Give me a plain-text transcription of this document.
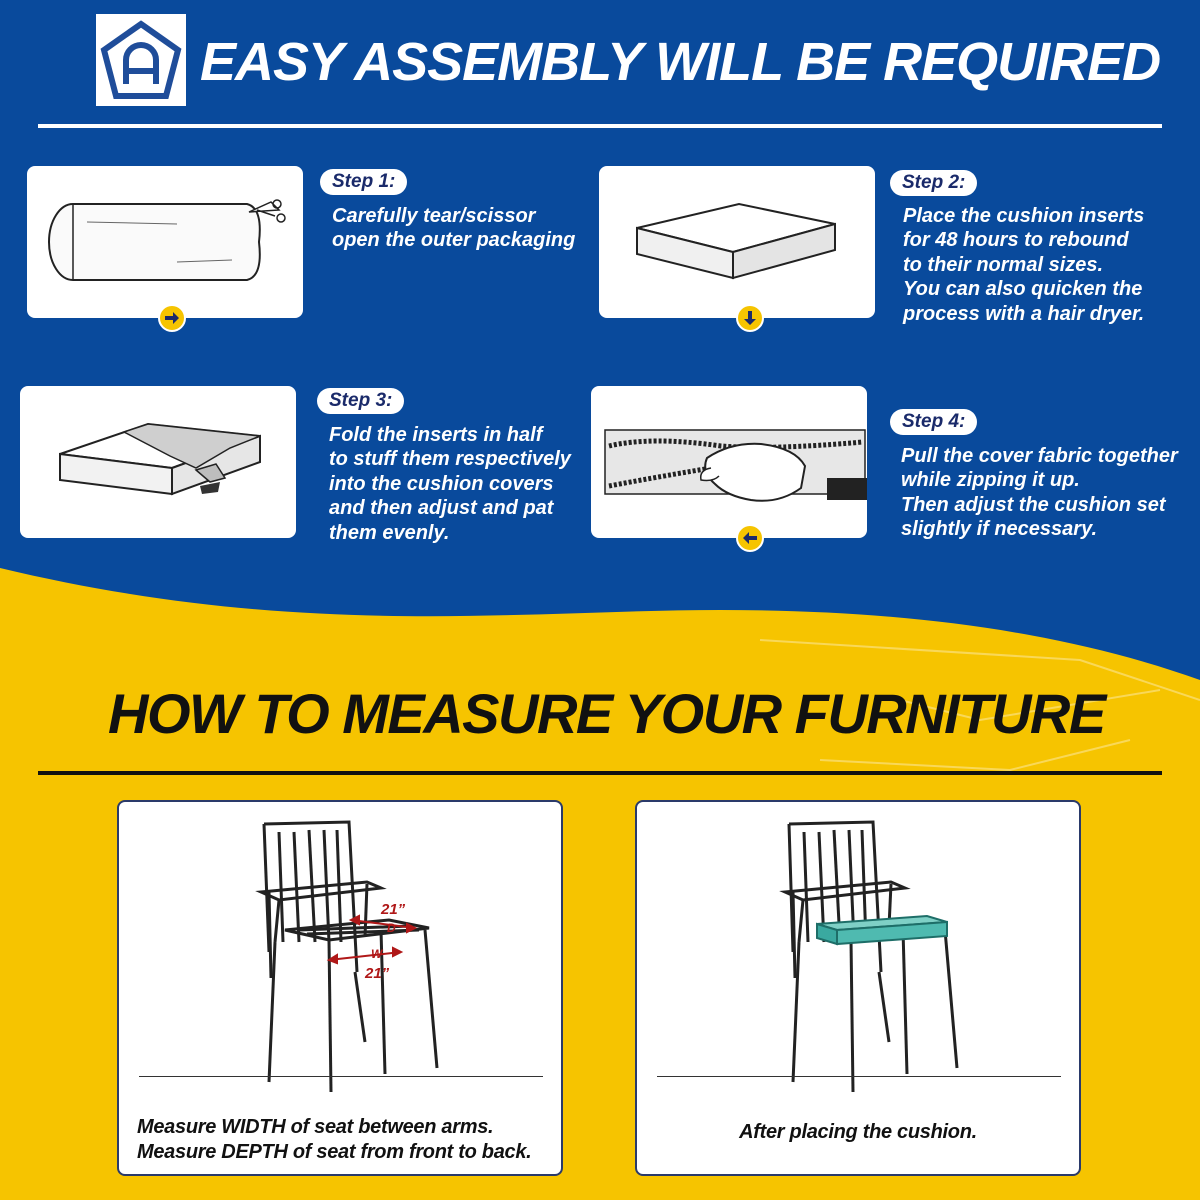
EASY ASSEMBLY WILL BE REQUIRED
Step 1:
Carefully tear/scissor
open the outer packaging
Step 2:
Place the cushion inserts
for 48 hours to rebound
to their normal sizes.
You can also quicken the
process with a hair dryer.
Step 3:
Fold the inserts in half
to stuff them respectively
into the cushion covers
and then adjust and pat
them evenly.
Step 4:
Pull the cover fabric together
while zipping it up.
Then adjust the cushion set
slightly if necessary.
HOW TO MEASURE YOUR FURNITURE
21”
D
W
21”
Measure WIDTH of seat between arms.
Measure DEPTH of seat from front to back.
After placing the cushion.
